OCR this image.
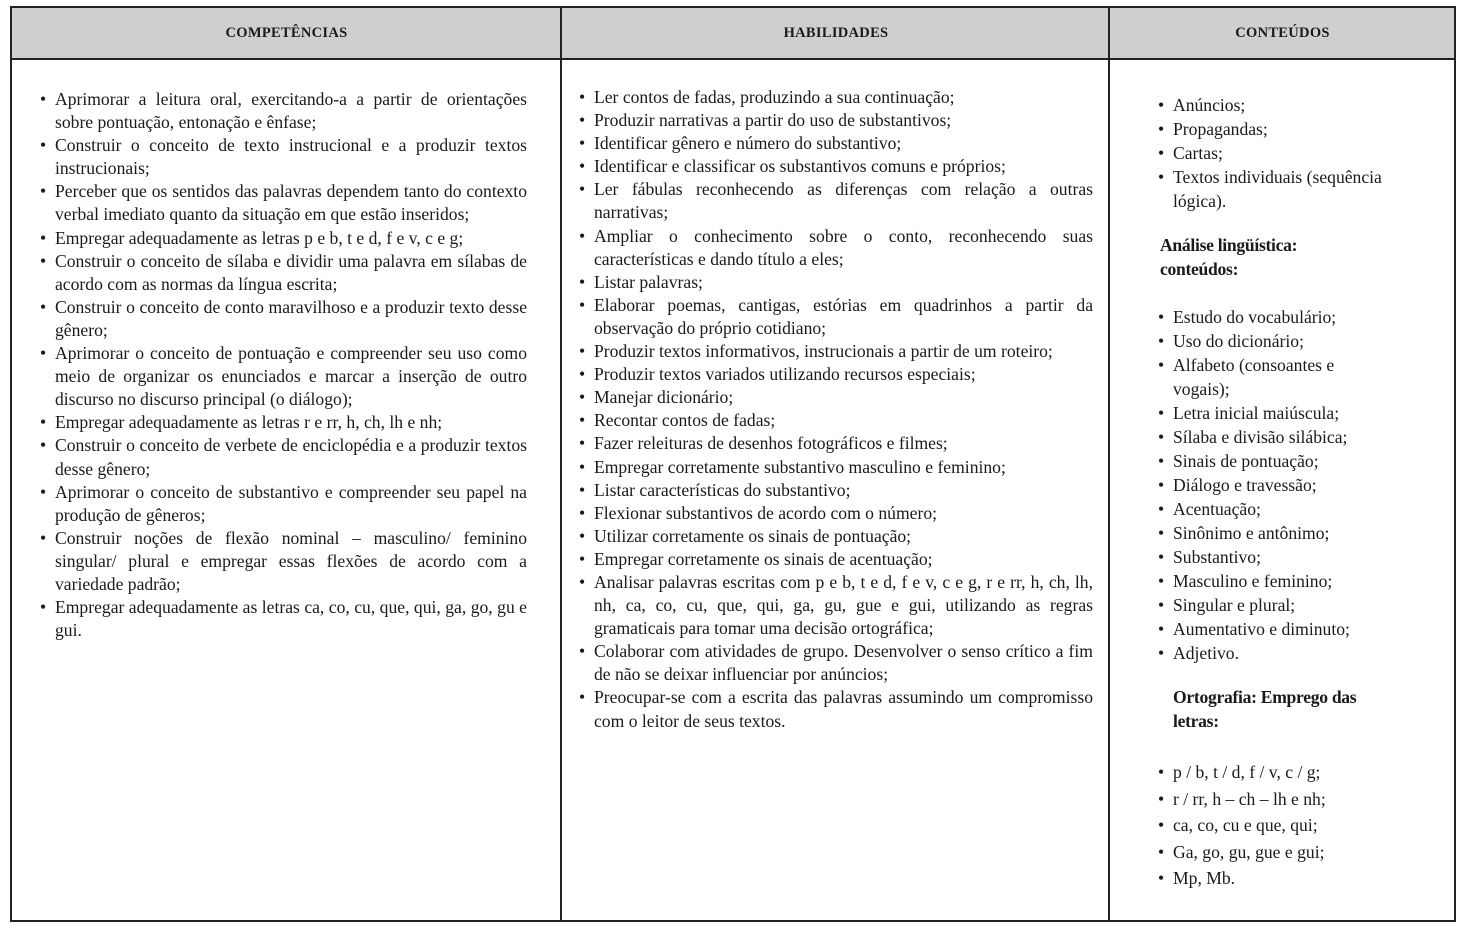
COMPETÊNCIAS	HABILIDADES	CONTEÚDOS
• Aprimorar a leitura oral, exercitando-a a partir de orientações sobre pontuação, entonação e ênfase;
• Construir o conceito de texto instrucional e a produzir textos instrucionais;
• Perceber que os sentidos das palavras dependem tanto do contexto verbal imediato quanto da situação em que estão inseridos;
• Empregar adequadamente as letras p e b, t e d, f e v, c e g;
• Construir o conceito de sílaba e dividir uma palavra em sílabas de acordo com as normas da língua escrita;
• Construir o conceito de conto maravilhoso e a produzir texto desse gênero;
• Aprimorar o conceito de pontuação e compreender seu uso como meio de organizar os enunciados e marcar a inserção de outro discurso no discurso principal (o diálogo);
• Empregar adequadamente as letras r e rr, h, ch, lh e nh;
• Construir o conceito de verbete de enciclopédia e a produzir textos desse gênero;
• Aprimorar o conceito de substantivo e compreender seu papel na produção de gêneros;
• Construir noções de flexão nominal – masculino/ feminino singular/ plural e empregar essas flexões de acordo com a variedade padrão;
• Empregar adequadamente as letras ca, co, cu, que, qui, ga, go, gu e gui.
• Ler contos de fadas, produzindo a sua continuação;
• Produzir narrativas a partir do uso de substantivos;
• Identificar gênero e número do substantivo;
• Identificar e classificar os substantivos comuns e próprios;
• Ler fábulas reconhecendo as diferenças com relação a outras narrativas;
• Ampliar o conhecimento sobre o conto, reconhecendo suas características e dando título a eles;
• Listar palavras;
• Elaborar poemas, cantigas, estórias em quadrinhos a partir da observação do próprio cotidiano;
• Produzir textos informativos, instrucionais a partir de um roteiro;
• Produzir textos variados utilizando recursos especiais;
• Manejar dicionário;
• Recontar contos de fadas;
• Fazer releituras de desenhos fotográficos e filmes;
• Empregar corretamente substantivo masculino e feminino;
• Listar características do substantivo;
• Flexionar substantivos de acordo com o número;
• Utilizar corretamente os sinais de pontuação;
• Empregar corretamente os sinais de acentuação;
• Analisar palavras escritas com p e b, t e d, f e v, c e g, r e rr, h, ch, lh, nh, ca, co, cu, que, qui, ga, gu, gue e gui, utilizando as regras gramaticais para tomar uma decisão ortográfica;
• Colaborar com atividades de grupo. Desenvolver o senso crítico a fim de não se deixar influenciar por anúncios;
• Preocupar-se com a escrita das palavras assumindo um compromisso com o leitor de seus textos.
• Anúncios;
• Propagandas;
• Cartas;
• Textos individuais (sequência lógica).
Análise lingüística: conteúdos:
• Estudo do vocabulário;
• Uso do dicionário;
• Alfabeto (consoantes e vogais);
• Letra inicial maiúscula;
• Sílaba e divisão silábica;
• Sinais de pontuação;
• Diálogo e travessão;
• Acentuação;
• Sinônimo e antônimo;
• Substantivo;
• Masculino e feminino;
• Singular e plural;
• Aumentativo e diminuto;
• Adjetivo.
Ortografia: Emprego das letras:
• p / b, t / d, f / v, c / g;
• r / rr, h – ch – lh e nh;
• ca, co, cu e que, qui;
• Ga, go, gu, gue e gui;
• Mp, Mb.
